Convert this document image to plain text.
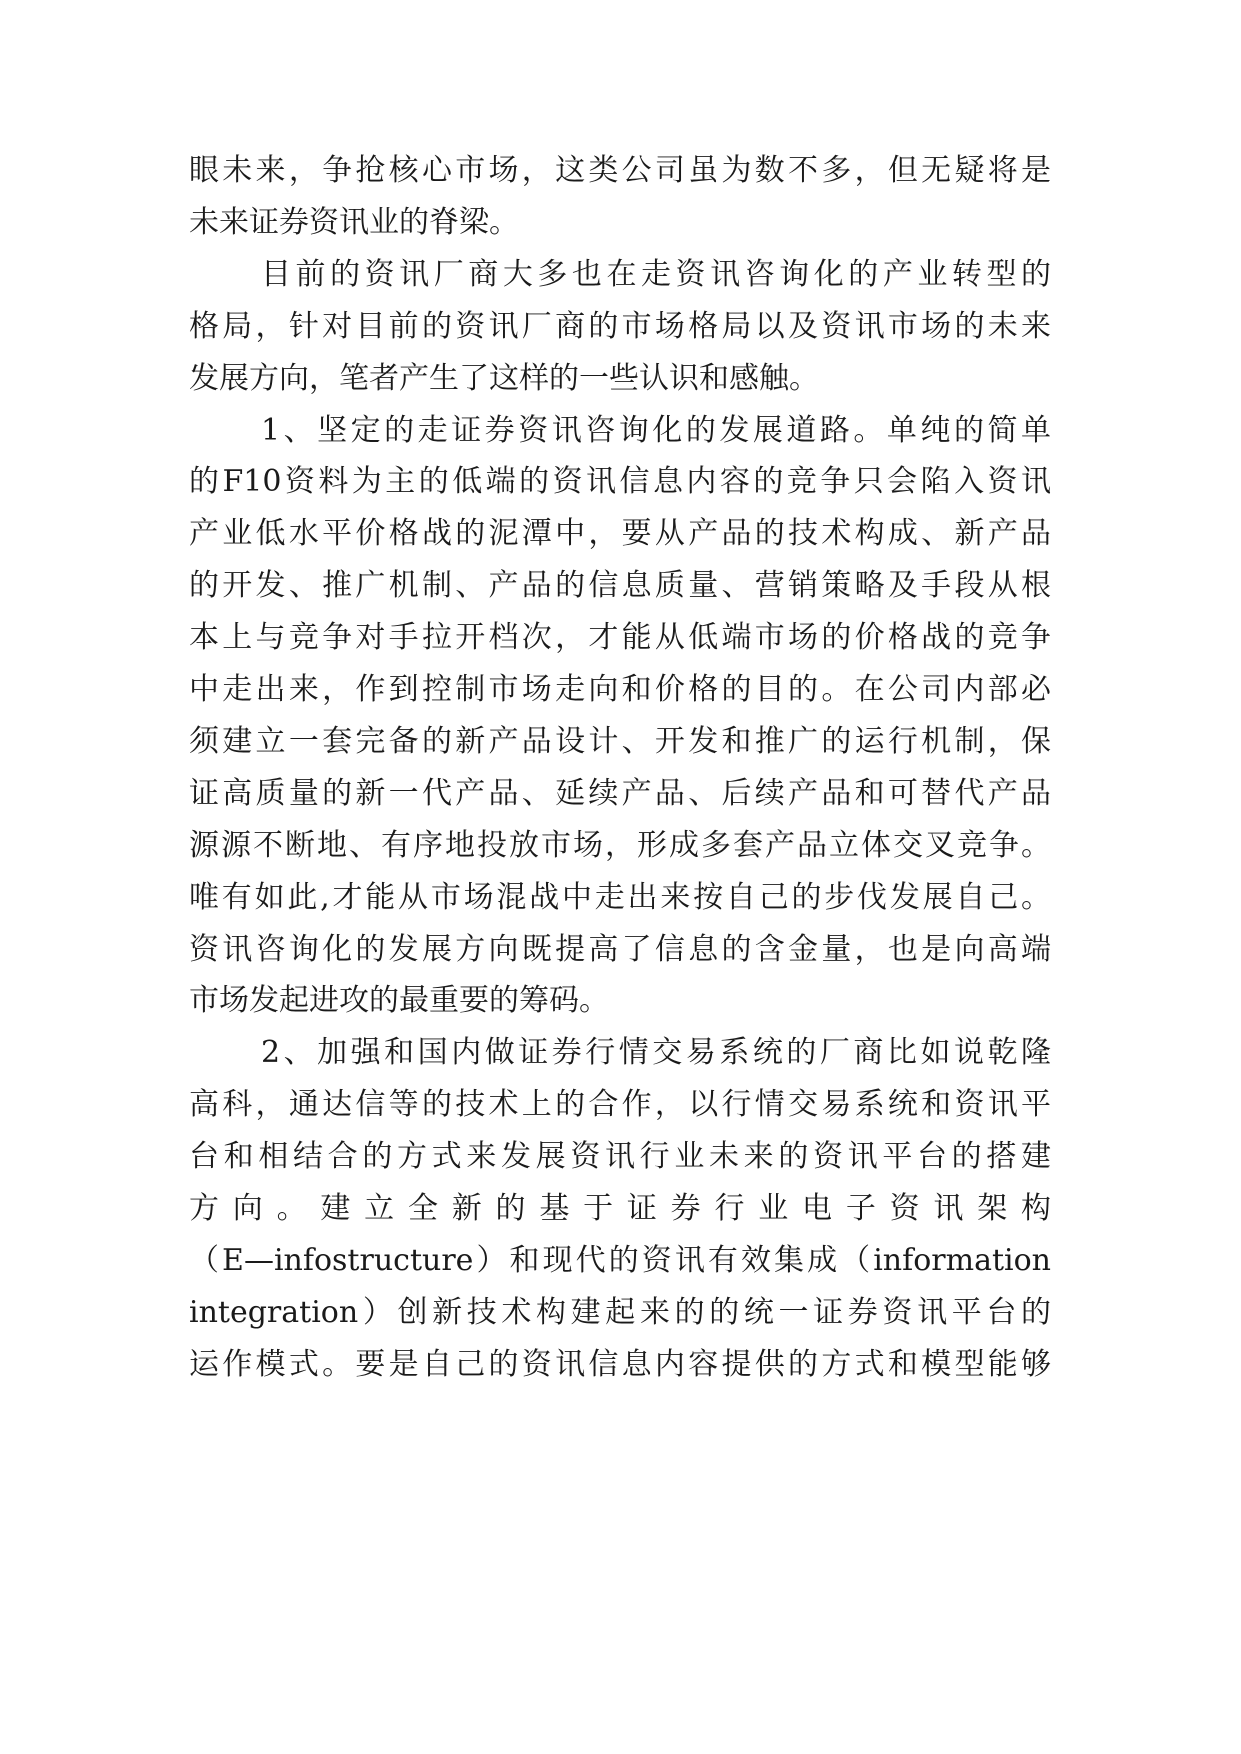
眼未来，争抢核心市场，这类公司虽为数不多，但无疑将是
未来证券资讯业的脊梁。
目前的资讯厂商大多也在走资讯咨询化的产业转型的
格局，针对目前的资讯厂商的市场格局以及资讯市场的未来
发展方向，笔者产生了这样的一些认识和感触。
1、坚定的走证券资讯咨询化的发展道路。单纯的简单
的F10资料为主的低端的资讯信息内容的竞争只会陷入资讯
产业低水平价格战的泥潭中，要从产品的技术构成、新产品
的开发、推广机制、产品的信息质量、营销策略及手段从根
本上与竞争对手拉开档次，才能从低端市场的价格战的竞争
中走出来，作到控制市场走向和价格的目的。在公司内部必
须建立一套完备的新产品设计、开发和推广的运行机制，保
证高质量的新一代产品、延续产品、后续产品和可替代产品
源源不断地、有序地投放市场，形成多套产品立体交叉竞争。
唯有如此,才能从市场混战中走出来按自己的步伐发展自己。
资讯咨询化的发展方向既提高了信息的含金量，也是向高端
市场发起进攻的最重要的筹码。
2、加强和国内做证券行情交易系统的厂商比如说乾隆
高科，通达信等的技术上的合作，以行情交易系统和资讯平
台和相结合的方式来发展资讯行业未来的资讯平台的搭建
方向。建立全新的基于证券行业电子资讯架构
（E—infostructure）和现代的资讯有效集成（information
integration）创新技术构建起来的的统一证券资讯平台的
运作模式。要是自己的资讯信息内容提供的方式和模型能够
